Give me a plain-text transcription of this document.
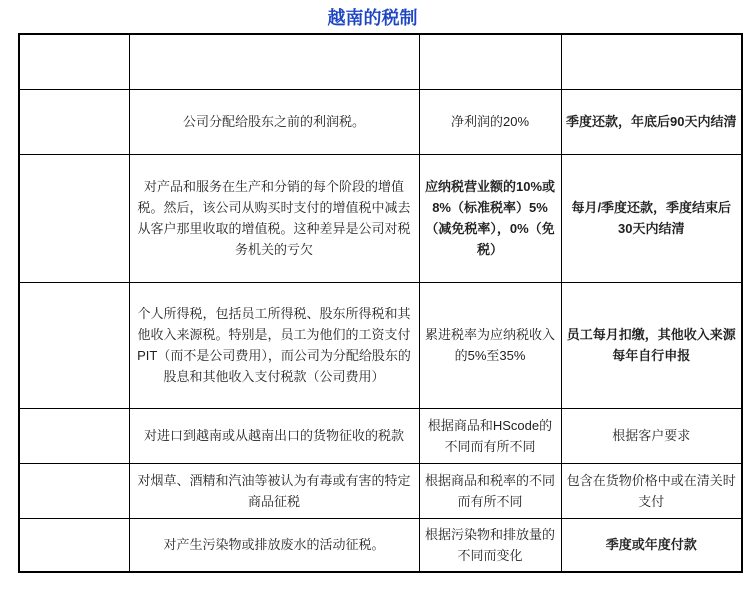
越南的税制

	公司分配给股东之前的利润税。	净利润的20%	季度还款，年底后90天内结清
	对产品和服务在生产和分销的每个阶段的增值税。然后，该公司从购买时支付的增值税中减去从客户那里收取的增值税。这种差异是公司对税务机关的亏欠	应纳税营业额的10%或8%（标准税率）5%（减免税率），0%（免税）	每月/季度还款，季度结束后30天内结清
	个人所得税，包括员工所得税、股东所得税和其他收入来源税。特别是，员工为他们的工资支付PIT（而不是公司费用），而公司为分配给股东的股息和其他收入支付税款（公司费用）	累进税率为应纳税收入的5%至35%	员工每月扣缴，其他收入来源每年自行申报
	对进口到越南或从越南出口的货物征收的税款	根据商品和HScode的不同而有所不同	根据客户要求
	对烟草、酒精和汽油等被认为有毒或有害的特定商品征税	根据商品和税率的不同而有所不同	包含在货物价格中或在清关时支付
	对产生污染物或排放废水的活动征税。	根据污染物和排放量的不同而变化	季度或年度付款
